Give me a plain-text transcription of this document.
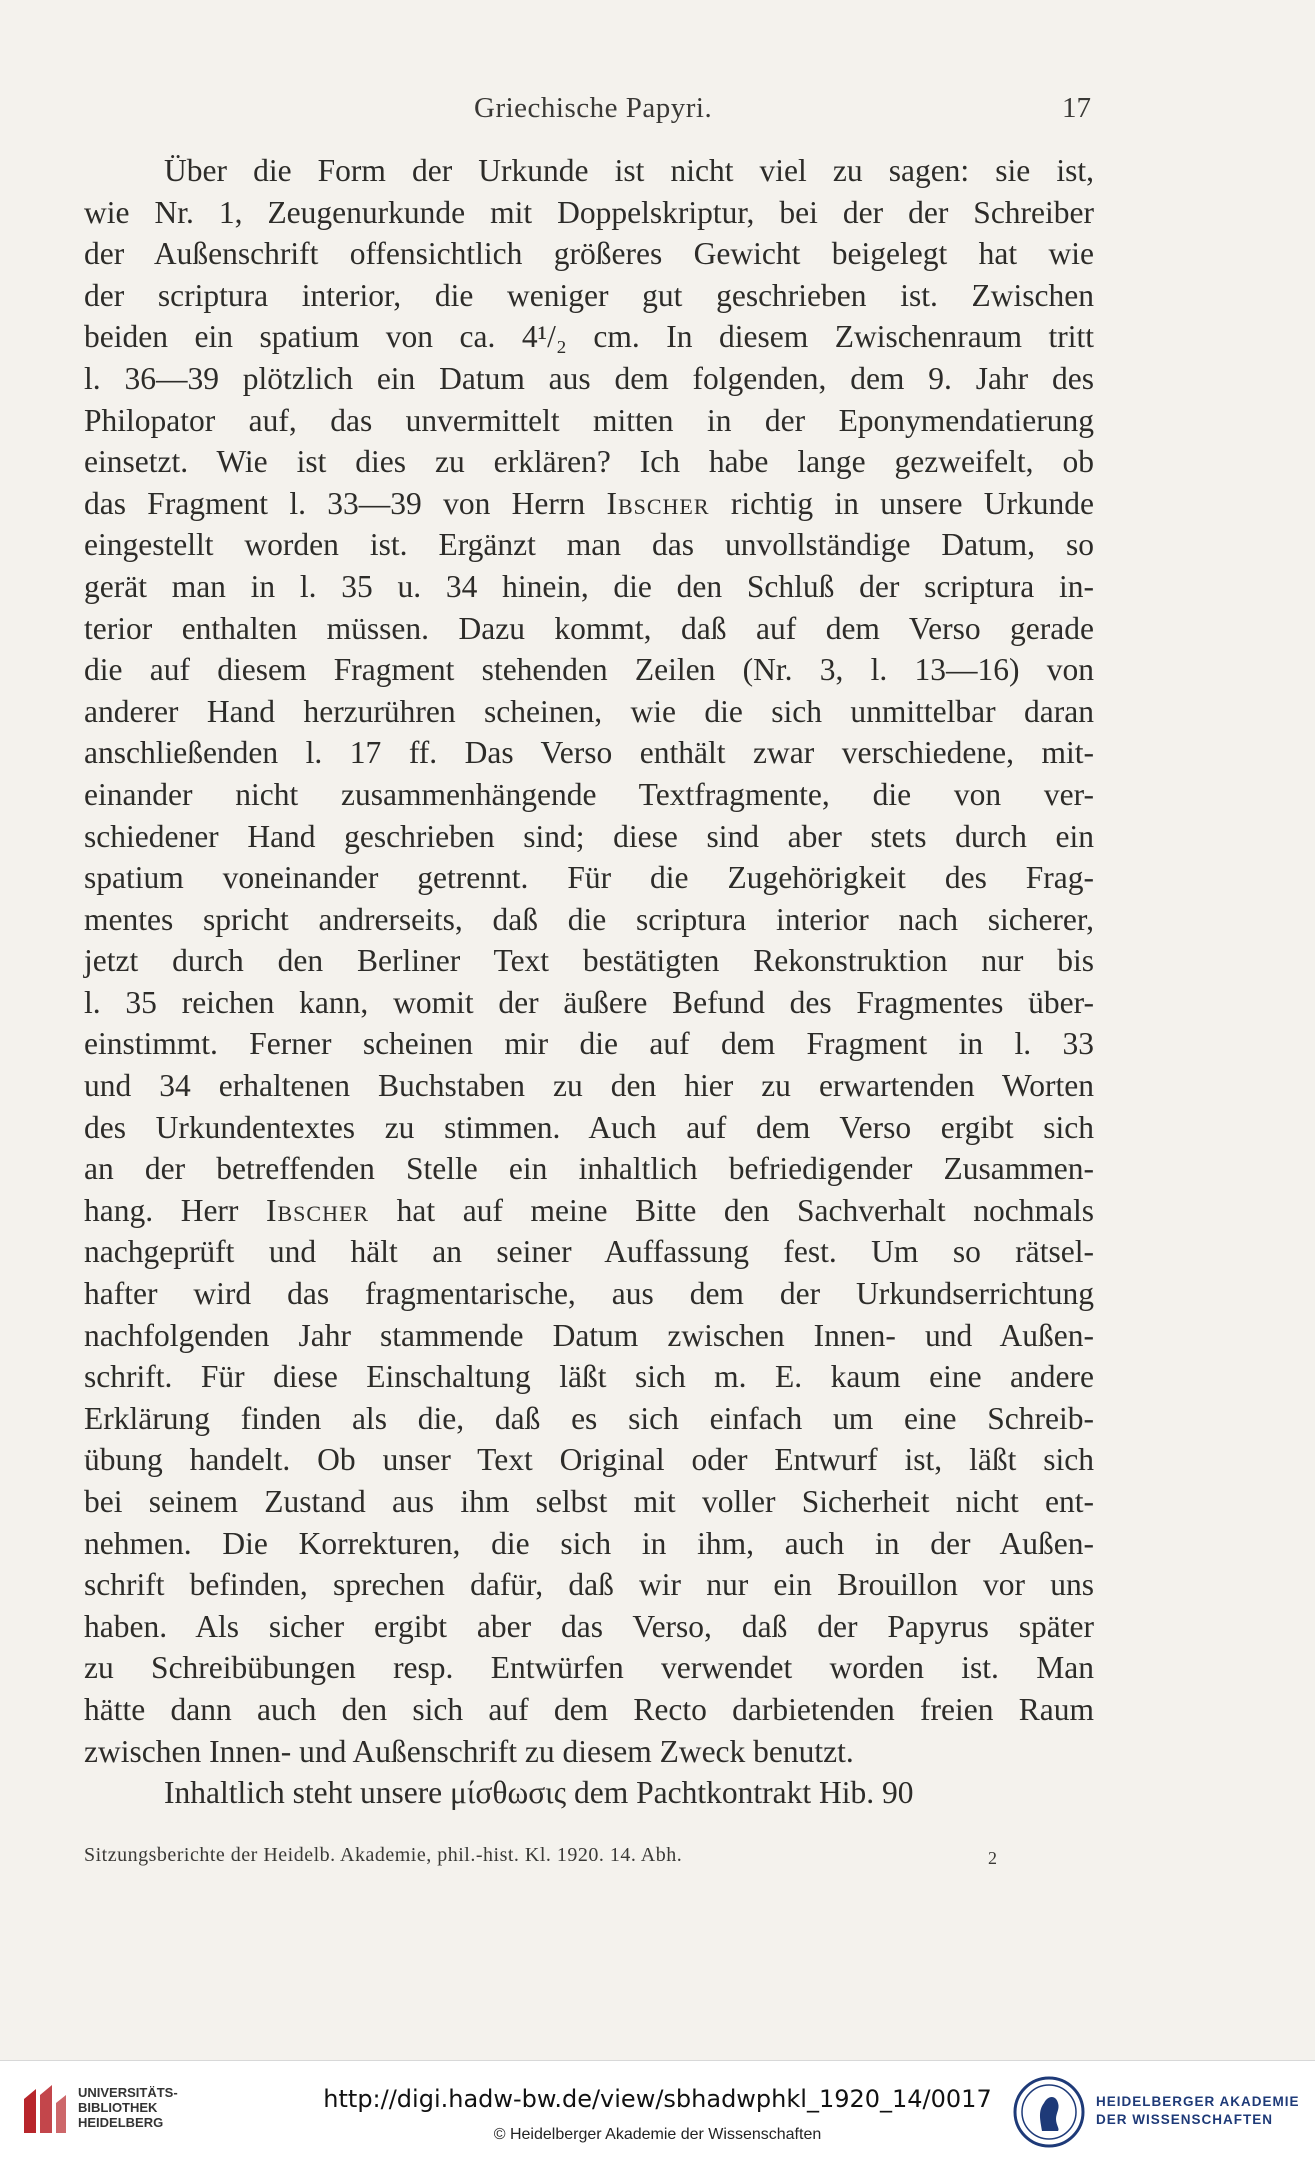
Griechische Papyri.	17
Über die Form der Urkunde ist nicht viel zu sagen: sie ist,
wie Nr. 1, Zeugenurkunde mit Doppelskriptur, bei der der Schreiber
der Außenschrift offensichtlich größeres Gewicht beigelegt hat wie
der scriptura interior, die weniger gut geschrieben ist. Zwischen
beiden ein spatium von ca. 4¹/₂ cm. In diesem Zwischenraum tritt
l. 36—39 plötzlich ein Datum aus dem folgenden, dem 9. Jahr des
Philopator auf, das unvermittelt mitten in der Eponymendatierung
einsetzt. Wie ist dies zu erklären? Ich habe lange gezweifelt, ob
das Fragment l. 33—39 von Herrn Ibscher richtig in unsere Urkunde
eingestellt worden ist. Ergänzt man das unvollständige Datum, so
gerät man in l. 35 u. 34 hinein, die den Schluß der scriptura in-
terior enthalten müssen. Dazu kommt, daß auf dem Verso gerade
die auf diesem Fragment stehenden Zeilen (Nr. 3, l. 13—16) von
anderer Hand herzurühren scheinen, wie die sich unmittelbar daran
anschließenden l. 17 ff. Das Verso enthält zwar verschiedene, mit-
einander nicht zusammenhängende Textfragmente, die von ver-
schiedener Hand geschrieben sind; diese sind aber stets durch ein
spatium voneinander getrennt. Für die Zugehörigkeit des Frag-
mentes spricht andrerseits, daß die scriptura interior nach sicherer,
jetzt durch den Berliner Text bestätigten Rekonstruktion nur bis
l. 35 reichen kann, womit der äußere Befund des Fragmentes über-
einstimmt. Ferner scheinen mir die auf dem Fragment in l. 33
und 34 erhaltenen Buchstaben zu den hier zu erwartenden Worten
des Urkundentextes zu stimmen. Auch auf dem Verso ergibt sich
an der betreffenden Stelle ein inhaltlich befriedigender Zusammen-
hang. Herr Ibscher hat auf meine Bitte den Sachverhalt nochmals
nachgeprüft und hält an seiner Auffassung fest. Um so rätsel-
hafter wird das fragmentarische, aus dem der Urkundserrichtung
nachfolgenden Jahr stammende Datum zwischen Innen- und Außen-
schrift. Für diese Einschaltung läßt sich m. E. kaum eine andere
Erklärung finden als die, daß es sich einfach um eine Schreib-
übung handelt. Ob unser Text Original oder Entwurf ist, läßt sich
bei seinem Zustand aus ihm selbst mit voller Sicherheit nicht ent-
nehmen. Die Korrekturen, die sich in ihm, auch in der Außen-
schrift befinden, sprechen dafür, daß wir nur ein Brouillon vor uns
haben. Als sicher ergibt aber das Verso, daß der Papyrus später
zu Schreibübungen resp. Entwürfen verwendet worden ist. Man
hätte dann auch den sich auf dem Recto darbietenden freien Raum
zwischen Innen- und Außenschrift zu diesem Zweck benutzt.
Inhaltlich steht unsere μίσθωσις dem Pachtkontrakt Hib. 90
Sitzungsberichte der Heidelb. Akademie, phil.-hist. Kl. 1920. 14. Abh.	2
UNIVERSITÄTS-
BIBLIOTHEK
HEIDELBERG
http://digi.hadw-bw.de/view/sbhadwphkl_1920_14/0017
© Heidelberger Akademie der Wissenschaften
HEIDELBERGER AKADEMIE
DER WISSENSCHAFTEN
